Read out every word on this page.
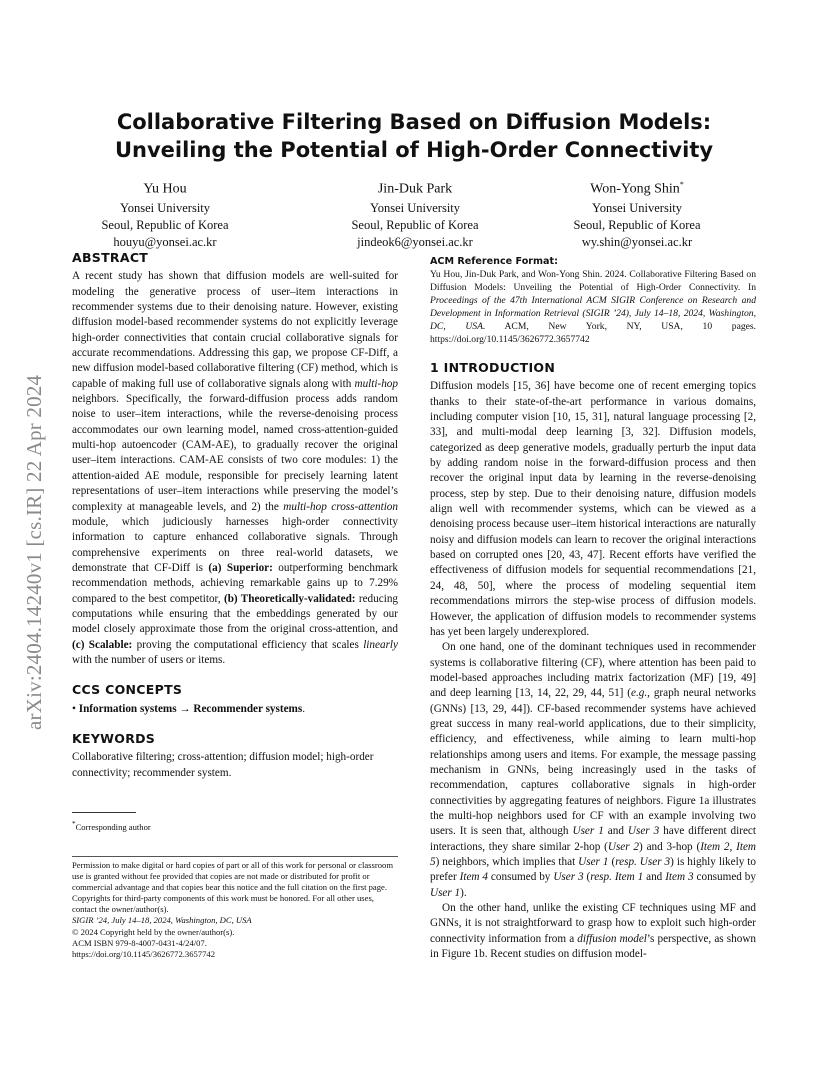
arXiv:2404.14240v1 [cs.IR] 22 Apr 2024
Collaborative Filtering Based on Diffusion Models:
Unveiling the Potential of High-Order Connectivity
Yu Hou
Yonsei University
Seoul, Republic of Korea
houyu@yonsei.ac.kr
Jin-Duk Park
Yonsei University
Seoul, Republic of Korea
jindeok6@yonsei.ac.kr
Won-Yong Shin*
Yonsei University
Seoul, Republic of Korea
wy.shin@yonsei.ac.kr
ABSTRACT

A recent study has shown that diffusion models are well-suited for modeling the generative process of user–item interactions in recommender systems due to their denoising nature. However, existing diffusion model-based recommender systems do not explicitly leverage high-order connectivities that contain crucial collaborative signals for accurate recommendations. Addressing this gap, we propose CF-Diff, a new diffusion model-based collaborative filtering (CF) method, which is capable of making full use of collaborative signals along with multi-hop neighbors. Specifically, the forward-diffusion process adds random noise to user–item interactions, while the reverse-denoising process accommodates our own learning model, named cross-attention-guided multi-hop autoencoder (CAM-AE), to gradually recover the original user–item interactions. CAM-AE consists of two core modules: 1) the attention-aided AE module, responsible for precisely learning latent representations of user–item interactions while preserving the model’s complexity at manageable levels, and 2) the multi-hop cross-attention module, which judiciously harnesses high-order connectivity information to capture enhanced collaborative signals. Through comprehensive experiments on three real-world datasets, we demonstrate that CF-Diff is (a) Superior: outperforming benchmark recommendation methods, achieving remarkable gains up to 7.29% compared to the best competitor, (b) Theoretically-validated: reducing computations while ensuring that the embeddings generated by our model closely approximate those from the original cross-attention, and (c) Scalable: proving the computational efficiency that scales linearly with the number of users or items.

CCS CONCEPTS

• Information systems → Recommender systems.

KEYWORDS

Collaborative filtering; cross-attention; diffusion model; high-order connectivity; recommender system.

*Corresponding author
Permission to make digital or hard copies of part or all of this work for personal or classroom use is granted without fee provided that copies are not made or distributed for profit or commercial advantage and that copies bear this notice and the full citation on the first page. Copyrights for third-party components of this work must be honored. For all other uses, contact the owner/author(s).
SIGIR ’24, July 14–18, 2024, Washington, DC, USA
© 2024 Copyright held by the owner/author(s).
ACM ISBN 979-8-4007-0431-4/24/07.
https://doi.org/10.1145/3626772.3657742
ACM Reference Format:
Yu Hou, Jin-Duk Park, and Won-Yong Shin. 2024. Collaborative Filtering Based on Diffusion Models: Unveiling the Potential of High-Order Connectivity. In Proceedings of the 47th International ACM SIGIR Conference on Research and Development in Information Retrieval (SIGIR ’24), July 14–18, 2024, Washington, DC, USA. ACM, New York, NY, USA, 10 pages. https://doi.org/10.1145/3626772.3657742
1 INTRODUCTION

Diffusion models [15, 36] have become one of recent emerging topics thanks to their state-of-the-art performance in various domains, including computer vision [10, 15, 31], natural language processing [2, 33], and multi-modal deep learning [3, 32]. Diffusion models, categorized as deep generative models, gradually perturb the input data by adding random noise in the forward-diffusion process and then recover the original input data by learning in the reverse-denoising process, step by step. Due to their denoising nature, diffusion models align well with recommender systems, which can be viewed as a denoising process because user–item historical interactions are naturally noisy and diffusion models can learn to recover the original interactions based on corrupted ones [20, 43, 47]. Recent efforts have verified the effectiveness of diffusion models for sequential recommendations [21, 24, 48, 50], where the process of modeling sequential item recommendations mirrors the step-wise process of diffusion models. However, the application of diffusion models to recommender systems has yet been largely underexplored.

On one hand, one of the dominant techniques used in recommender systems is collaborative filtering (CF), where attention has been paid to model-based approaches including matrix factorization (MF) [19, 49] and deep learning [13, 14, 22, 29, 44, 51] (e.g., graph neural networks (GNNs) [13, 29, 44]). CF-based recommender systems have achieved great success in many real-world applications, due to their simplicity, efficiency, and effectiveness, while aiming to learn multi-hop relationships among users and items. For example, the message passing mechanism in GNNs, being increasingly used in the tasks of recommendation, captures collaborative signals in high-order connectivities by aggregating features of neighbors. Figure 1a illustrates the multi-hop neighbors used for CF with an example involving two users. It is seen that, although User 1 and User 3 have different direct interactions, they share similar 2-hop (User 2) and 3-hop (Item 2, Item 5) neighbors, which implies that User 1 (resp. User 3) is highly likely to prefer Item 4 consumed by User 3 (resp. Item 1 and Item 3 consumed by User 1).

On the other hand, unlike the existing CF techniques using MF and GNNs, it is not straightforward to grasp how to exploit such high-order connectivity information from a diffusion model’s perspective, as shown in Figure 1b. Recent studies on diffusion model-
